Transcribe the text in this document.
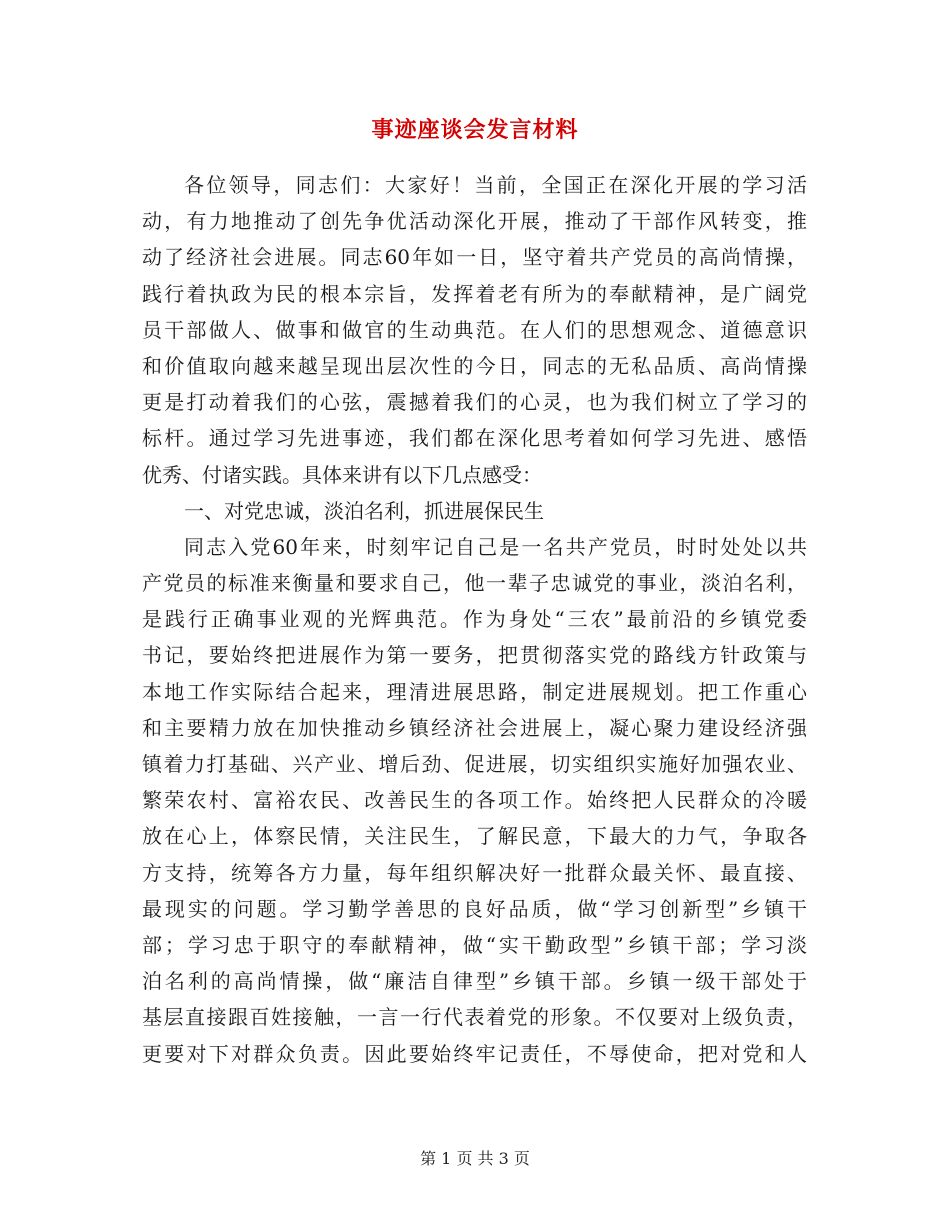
事迹座谈会发言材料
各位领导，同志们：大家好！当前，全国正在深化开展的学习活
动，有力地推动了创先争优活动深化开展，推动了干部作风转变，推
动了经济社会进展。同志60年如一日，坚守着共产党员的高尚情操，
践行着执政为民的根本宗旨，发挥着老有所为的奉献精神，是广阔党
员干部做人、做事和做官的生动典范。在人们的思想观念、道德意识
和价值取向越来越呈现出层次性的今日，同志的无私品质、高尚情操
更是打动着我们的心弦，震撼着我们的心灵，也为我们树立了学习的
标杆。通过学习先进事迹，我们都在深化思考着如何学习先进、感悟
优秀、付诸实践。具体来讲有以下几点感受：
一、对党忠诚，淡泊名利，抓进展保民生
同志入党60年来，时刻牢记自己是一名共产党员，时时处处以共
产党员的标准来衡量和要求自己，他一辈子忠诚党的事业，淡泊名利，
是践行正确事业观的光辉典范。作为身处“三农”最前沿的乡镇党委
书记，要始终把进展作为第一要务，把贯彻落实党的路线方针政策与
本地工作实际结合起来，理清进展思路，制定进展规划。把工作重心
和主要精力放在加快推动乡镇经济社会进展上，凝心聚力建设经济强
镇着力打基础、兴产业、增后劲、促进展，切实组织实施好加强农业、
繁荣农村、富裕农民、改善民生的各项工作。始终把人民群众的冷暖
放在心上，体察民情，关注民生，了解民意，下最大的力气，争取各
方支持，统筹各方力量，每年组织解决好一批群众最关怀、最直接、
最现实的问题。学习勤学善思的良好品质，做“学习创新型”乡镇干
部；学习忠于职守的奉献精神，做“实干勤政型”乡镇干部；学习淡
泊名利的高尚情操，做“廉洁自律型”乡镇干部。乡镇一级干部处于
基层直接跟百姓接触，一言一行代表着党的形象。不仅要对上级负责，
更要对下对群众负责。因此要始终牢记责任，不辱使命，把对党和人
第 1 页 共 3 页
